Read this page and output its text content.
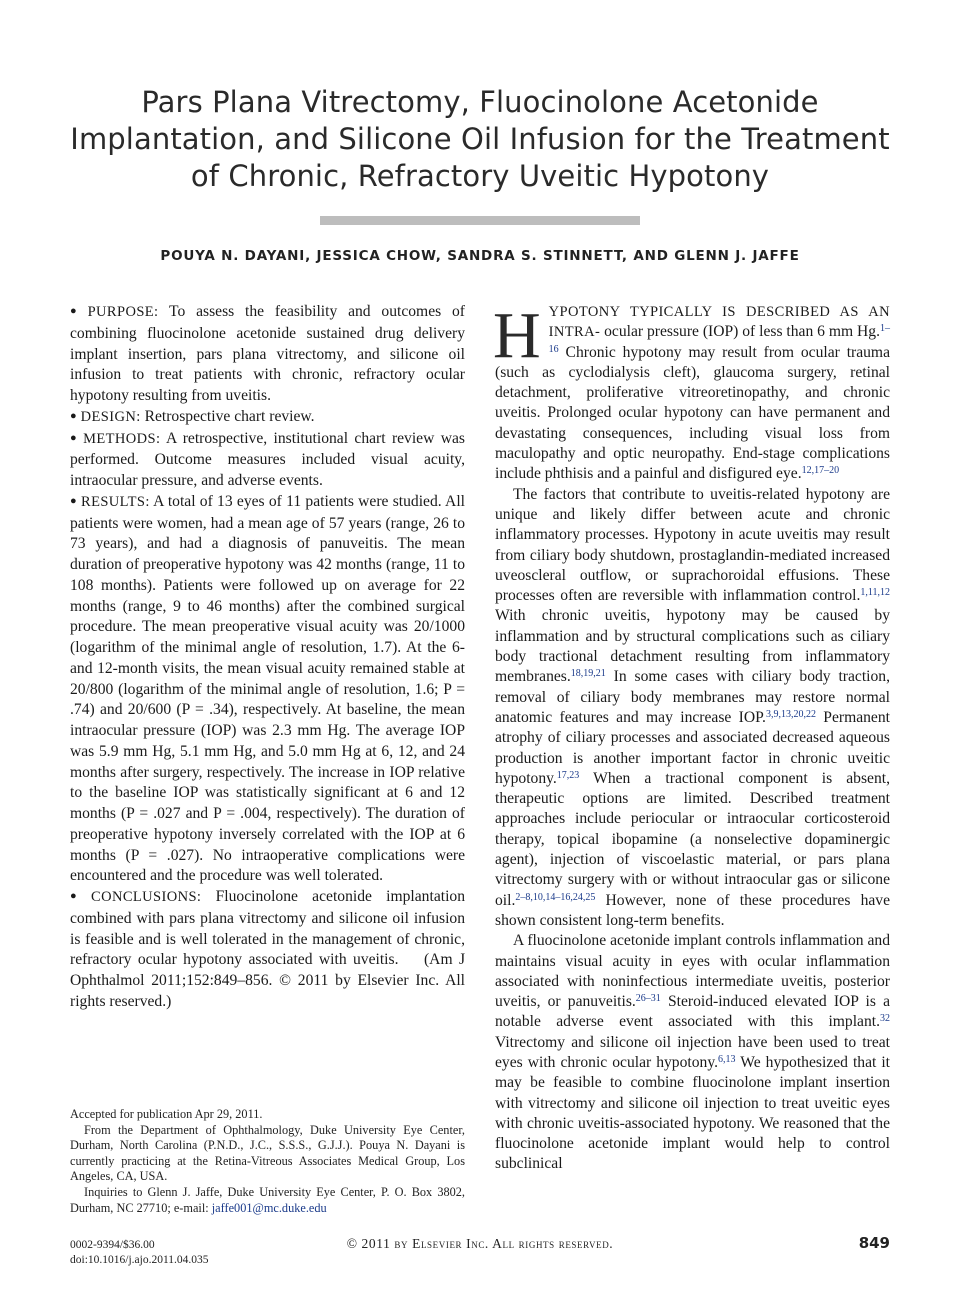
Pars Plana Vitrectomy, Fluocinolone Acetonide Implantation, and Silicone Oil Infusion for the Treatment of Chronic, Refractory Uveitic Hypotony
POUYA N. DAYANI, JESSICA CHOW, SANDRA S. STINNETT, AND GLENN J. JAFFE

● PURPOSE: To assess the feasibility and outcomes of combining fluocinolone acetonide sustained drug delivery implant insertion, pars plana vitrectomy, and silicone oil infusion to treat patients with chronic, refractory ocular hypotony resulting from uveitis.

● DESIGN: Retrospective chart review.

● METHODS: A retrospective, institutional chart review was performed. Outcome measures included visual acuity, intraocular pressure, and adverse events.

● RESULTS: A total of 13 eyes of 11 patients were studied. All patients were women, had a mean age of 57 years (range, 26 to 73 years), and had a diagnosis of panuveitis. The mean duration of preoperative hypotony was 42 months (range, 11 to 108 months). Patients were followed up on average for 22 months (range, 9 to 46 months) after the combined surgical procedure. The mean preoperative visual acuity was 20/1000 (logarithm of the minimal angle of resolution, 1.7). At the 6- and 12-month visits, the mean visual acuity remained stable at 20/800 (logarithm of the minimal angle of resolution, 1.6; P = .74) and 20/600 (P = .34), respectively. At baseline, the mean intraocular pressure (IOP) was 2.3 mm Hg. The average IOP was 5.9 mm Hg, 5.1 mm Hg, and 5.0 mm Hg at 6, 12, and 24 months after surgery, respectively. The increase in IOP relative to the baseline IOP was statistically significant at 6 and 12 months (P = .027 and P = .004, respectively). The duration of preoperative hypotony inversely correlated with the IOP at 6 months (P = .027). No intraoperative complications were encountered and the procedure was well tolerated.

● CONCLUSIONS: Fluocinolone acetonide implantation combined with pars plana vitrectomy and silicone oil infusion is feasible and is well tolerated in the management of chronic, refractory ocular hypotony associated with uveitis. (Am J Ophthalmol 2011;152:849–856. © 2011 by Elsevier Inc. All rights reserved.)

Accepted for publication Apr 29, 2011.

From the Department of Ophthalmology, Duke University Eye Center, Durham, North Carolina (P.N.D., J.C., S.S.S., G.J.J.). Pouya N. Dayani is currently practicing at the Retina-Vitreous Associates Medical Group, Los Angeles, CA, USA.

Inquiries to Glenn J. Jaffe, Duke University Eye Center, P. O. Box 3802, Durham, NC 27710; e-mail: jaffe001@mc.duke.edu

HYPOTONY TYPICALLY IS DESCRIBED AS AN INTRA- ocular pressure (IOP) of less than 6 mm Hg.$^{1-16}$ Chronic hypotony may result from ocular trauma (such as cyclodialysis cleft), glaucoma surgery, retinal detachment, proliferative vitreoretinopathy, and chronic uveitis. Prolonged ocular hypotony can have permanent and devastating consequences, including visual loss from maculopathy and optic neuropathy. End-stage complications include phthisis and a painful and disfigured eye.$^{12,17-20}$

The factors that contribute to uveitis-related hypotony are unique and likely differ between acute and chronic inflammatory processes. Hypotony in acute uveitis may result from ciliary body shutdown, prostaglandin-mediated increased uveoscleral outflow, or suprachoroidal effusions. These processes often are reversible with inflammation control.$^{1,11,12}$ With chronic uveitis, hypotony may be caused by inflammation and by structural complications such as ciliary body tractional detachment resulting from inflammatory membranes.$^{18,19,21}$ In some cases with ciliary body traction, removal of ciliary body membranes may restore normal anatomic features and may increase IOP.$^{3,9,13,20,22}$ Permanent atrophy of ciliary processes and associated decreased aqueous production is another important factor in chronic uveitic hypotony.$^{17,23}$ When a tractional component is absent, therapeutic options are limited. Described treatment approaches include periocular or intraocular corticosteroid therapy, topical ibopamine (a nonselective dopaminergic agent), injection of viscoelastic material, or pars plana vitrectomy surgery with or without intraocular gas or silicone oil.$^{2-8,10,14-16,24,25}$ However, none of these procedures have shown consistent long-term benefits.

A fluocinolone acetonide implant controls inflammation and maintains visual acuity in eyes with ocular inflammation associated with noninfectious intermediate uveitis, posterior uveitis, or panuveitis.$^{26-31}$ Steroid-induced elevated IOP is a notable adverse event associated with this implant.$^{32}$ Vitrectomy and silicone oil injection have been used to treat eyes with chronic ocular hypotony.$^{6,13}$ We hypothesized that it may be feasible to combine fluocinolone implant insertion with vitrectomy and silicone oil injection to treat uveitic eyes with chronic uveitis-associated hypotony. We reasoned that the fluocinolone acetonide implant would help to control subclinical

0002-9394/$36.00
doi:10.1016/j.ajo.2011.04.035
© 2011 by Elsevier Inc. All rights reserved.	849
